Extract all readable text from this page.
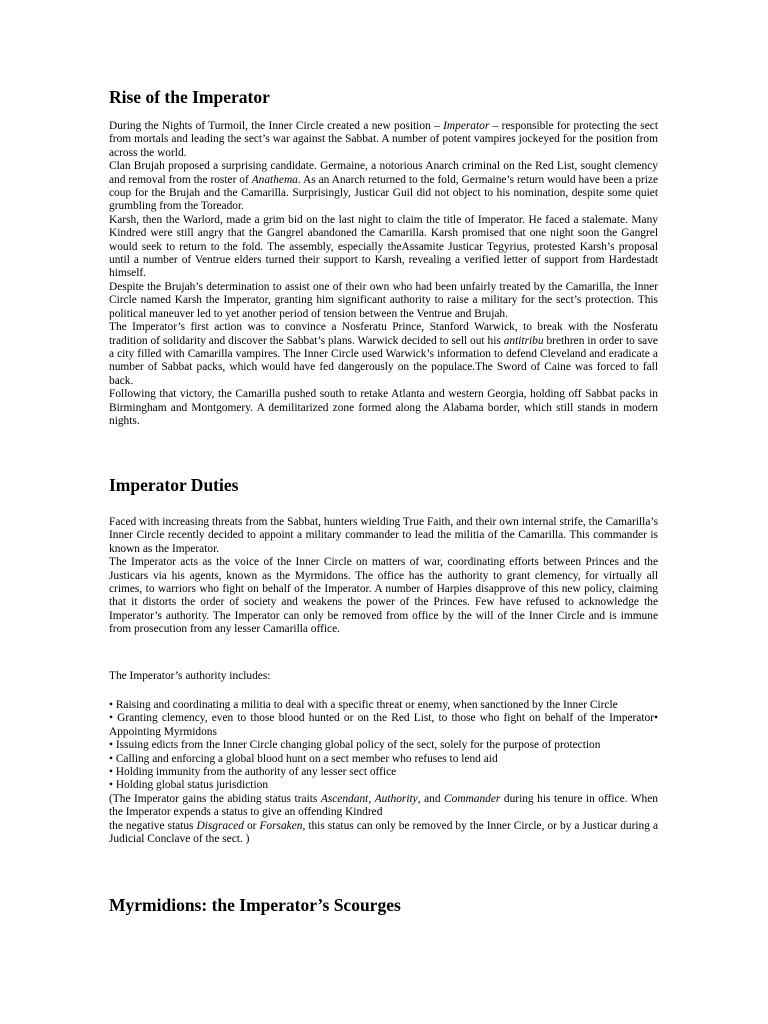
Rise of the Imperator

During the Nights of Turmoil, the Inner Circle created a new position – Imperator – responsible for protecting the sect from mortals and leading the sect’s war against the Sabbat. A number of potent vampires jockeyed for the position from across the world.

Clan Brujah proposed a surprising candidate. Germaine, a notorious Anarch criminal on the Red List, sought clemency and removal from the roster of Anathema. As an Anarch returned to the fold, Germaine’s return would have been a prize coup for the Brujah and the Camarilla. Surprisingly, Justicar Guil did not object to his nomination, despite some quiet grumbling from the Toreador.

Karsh, then the Warlord, made a grim bid on the last night to claim the title of Imperator. He faced a stalemate. Many Kindred were still angry that the Gangrel abandoned the Camarilla. Karsh promised that one night soon the Gangrel would seek to return to the fold. The assembly, especially theAssamite Justicar Tegyrius, protested Karsh’s proposal until a number of Ventrue elders turned their support to Karsh, revealing a verified letter of support from Hardestadt himself.

Despite the Brujah’s determination to assist one of their own who had been unfairly treated by the Camarilla, the Inner Circle named Karsh the Imperator, granting him significant authority to raise a military for the sect’s protection. This political maneuver led to yet another period of tension between the Ventrue and Brujah.

The Imperator’s first action was to convince a Nosferatu Prince, Stanford Warwick, to break with the Nosferatu tradition of solidarity and discover the Sabbat’s plans. Warwick decided to sell out his antitribu brethren in order to save a city filled with Camarilla vampires. The Inner Circle used Warwick’s information to defend Cleveland and eradicate a number of Sabbat packs, which would have fed dangerously on the populace.The Sword of Caine was forced to fall back.

Following that victory, the Camarilla pushed south to retake Atlanta and western Georgia, holding off Sabbat packs in Birmingham and Montgomery. A demilitarized zone formed along the Alabama border, which still stands in modern nights.

Imperator Duties

Faced with increasing threats from the Sabbat, hunters wielding True Faith, and their own internal strife, the Camarilla’s Inner Circle recently decided to appoint a military commander to lead the militia of the Camarilla. This commander is known as the Imperator.

The Imperator acts as the voice of the Inner Circle on matters of war, coordinating efforts between Princes and the Justicars via his agents, known as the Myrmidons. The office has the authority to grant clemency, for virtually all crimes, to warriors who fight on behalf of the Imperator. A number of Harpies disapprove of this new policy, claiming that it distorts the order of society and weakens the power of the Princes. Few have refused to acknowledge the Imperator’s authority. The Imperator can only be removed from office by the will of the Inner Circle and is immune from prosecution from any lesser Camarilla office.

The Imperator’s authority includes:

• Raising and coordinating a militia to deal with a specific threat or enemy, when sanctioned by the Inner Circle

• Granting clemency, even to those blood hunted or on the Red List, to those who fight on behalf of the Imperator• Appointing Myrmidons

• Issuing edicts from the Inner Circle changing global policy of the sect, solely for the purpose of protection

• Calling and enforcing a global blood hunt on a sect member who refuses to lend aid

• Holding immunity from the authority of any lesser sect office

• Holding global status jurisdiction

(The Imperator gains the abiding status traits Ascendant, Authority, and Commander during his tenure in office. When the Imperator expends a status to give an offending Kindred

the negative status Disgraced or Forsaken, this status can only be removed by the Inner Circle, or by a Justicar during a Judicial Conclave of the sect. )

Myrmidions: the Imperator’s Scourges
